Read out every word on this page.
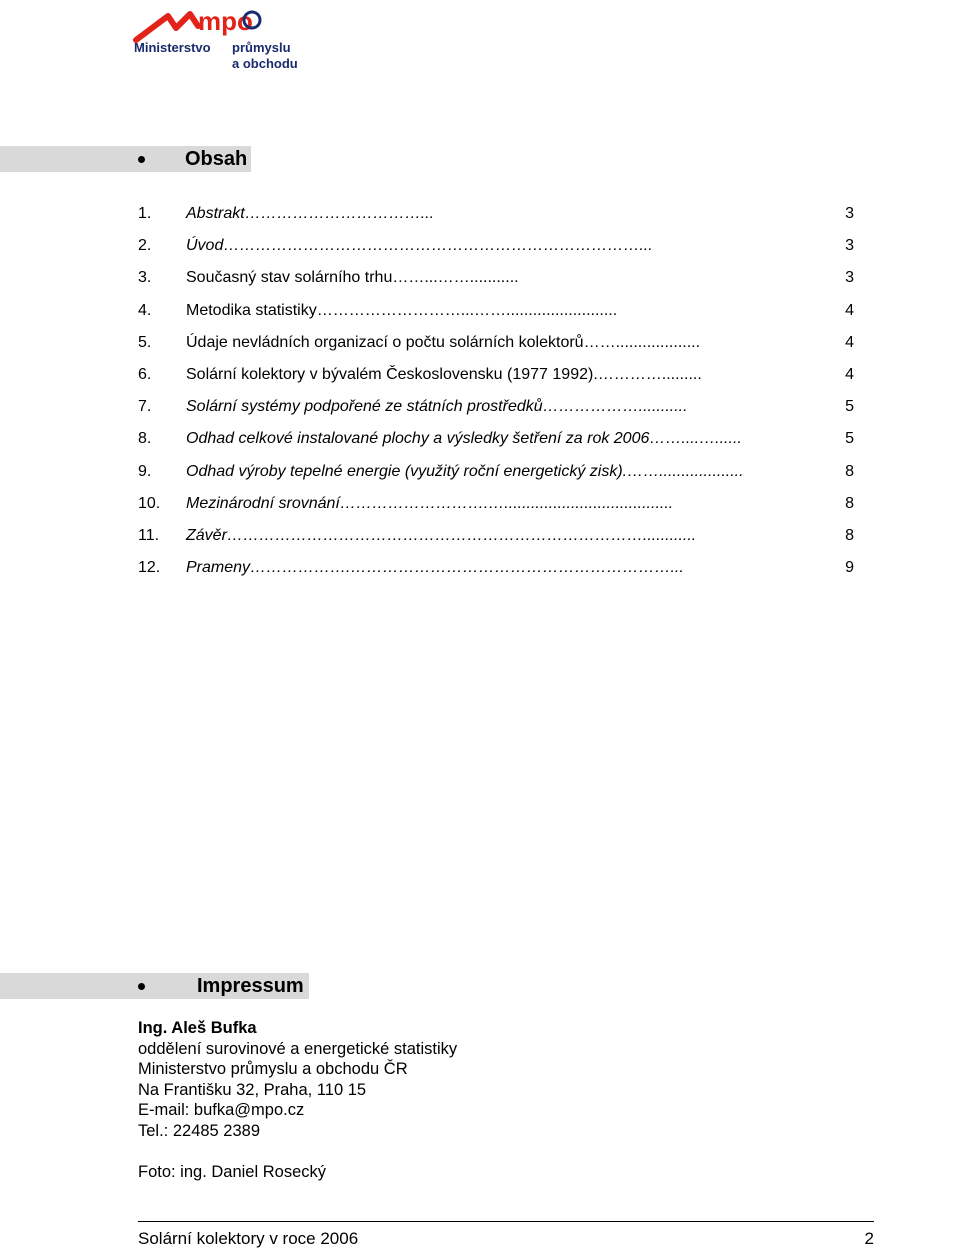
mpo
Ministerstvo průmyslu
a obchodu
Obsah
1. Abstrakt……………………………...	3
2. Úvod……………………………………………………………………...	3
3. Současný stav solárního trhu……...……...........	3
4. Metodika statistiky………………………...…….........................	4
5. Údaje nevládních organizací o počtu solárních kolektorů……...................	4
6. Solární kolektory v bývalém Československu (1977 1992).………….........	4
7. Solární systémy podpořené ze státních prostředků………………...........	5
8. Odhad celkové instalované plochy a výsledky šetření za rok 2006……....…......	5
9. Odhad výroby tepelné energie (využitý roční energetický zisk).……...................	8
10. Mezinárodní srovnání……………………….…......................................	8
11. Závěr……………………………………………………………………............	8
12. Prameny……………….……………………………………………………...	9
Impressum
Ing. Aleš Bufka
oddělení surovinové a energetické statistiky
Ministerstvo průmyslu a obchodu ČR
Na Františku 32, Praha, 110 15
E-mail: bufka@mpo.cz
Tel.: 22485 2389
Foto: ing. Daniel Rosecký
Solární kolektory v roce 2006	2
